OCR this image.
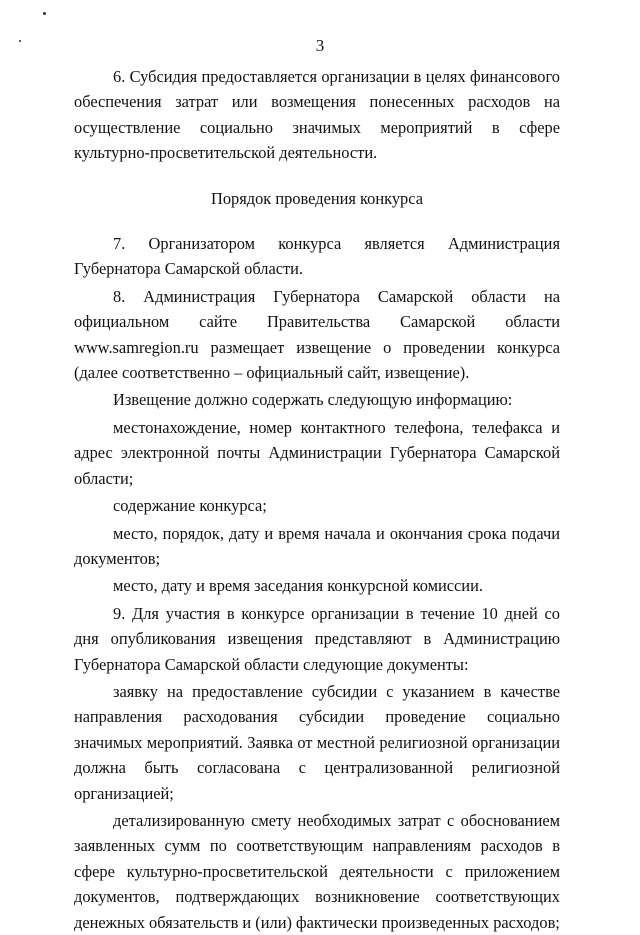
3

6. Субсидия предоставляется организации в целях финансового обеспечения затрат или возмещения понесенных расходов на осуществление социально значимых мероприятий в сфере культурно-просветительской деятельности.

Порядок проведения конкурса

7. Организатором конкурса является Администрация Губернатора Самарской области.

8. Администрация Губернатора Самарской области на официальном сайте Правительства Самарской области www.samregion.ru размещает извещение о проведении конкурса (далее соответственно – официальный сайт, извещение).

Извещение должно содержать следующую информацию:

местонахождение, номер контактного телефона, телефакса и адрес электронной почты Администрации Губернатора Самарской области;

содержание конкурса;

место, порядок, дату и время начала и окончания срока подачи документов;

место, дату и время заседания конкурсной комиссии.

9. Для участия в конкурсе организации в течение 10 дней со дня опубликования извещения представляют в Администрацию Губернатора Самарской области следующие документы:

заявку на предоставление субсидии с указанием в качестве направления расходования субсидии проведение социально значимых мероприятий. Заявка от местной религиозной организации должна быть согласована с централизованной религиозной организацией;

детализированную смету необходимых затрат с обоснованием заявленных сумм по соответствующим направлениям расходов в сфере культурно-просветительской деятельности с приложением документов, подтверждающих возникновение соответствующих денежных обязательств и (или) фактически произведенных расходов;
